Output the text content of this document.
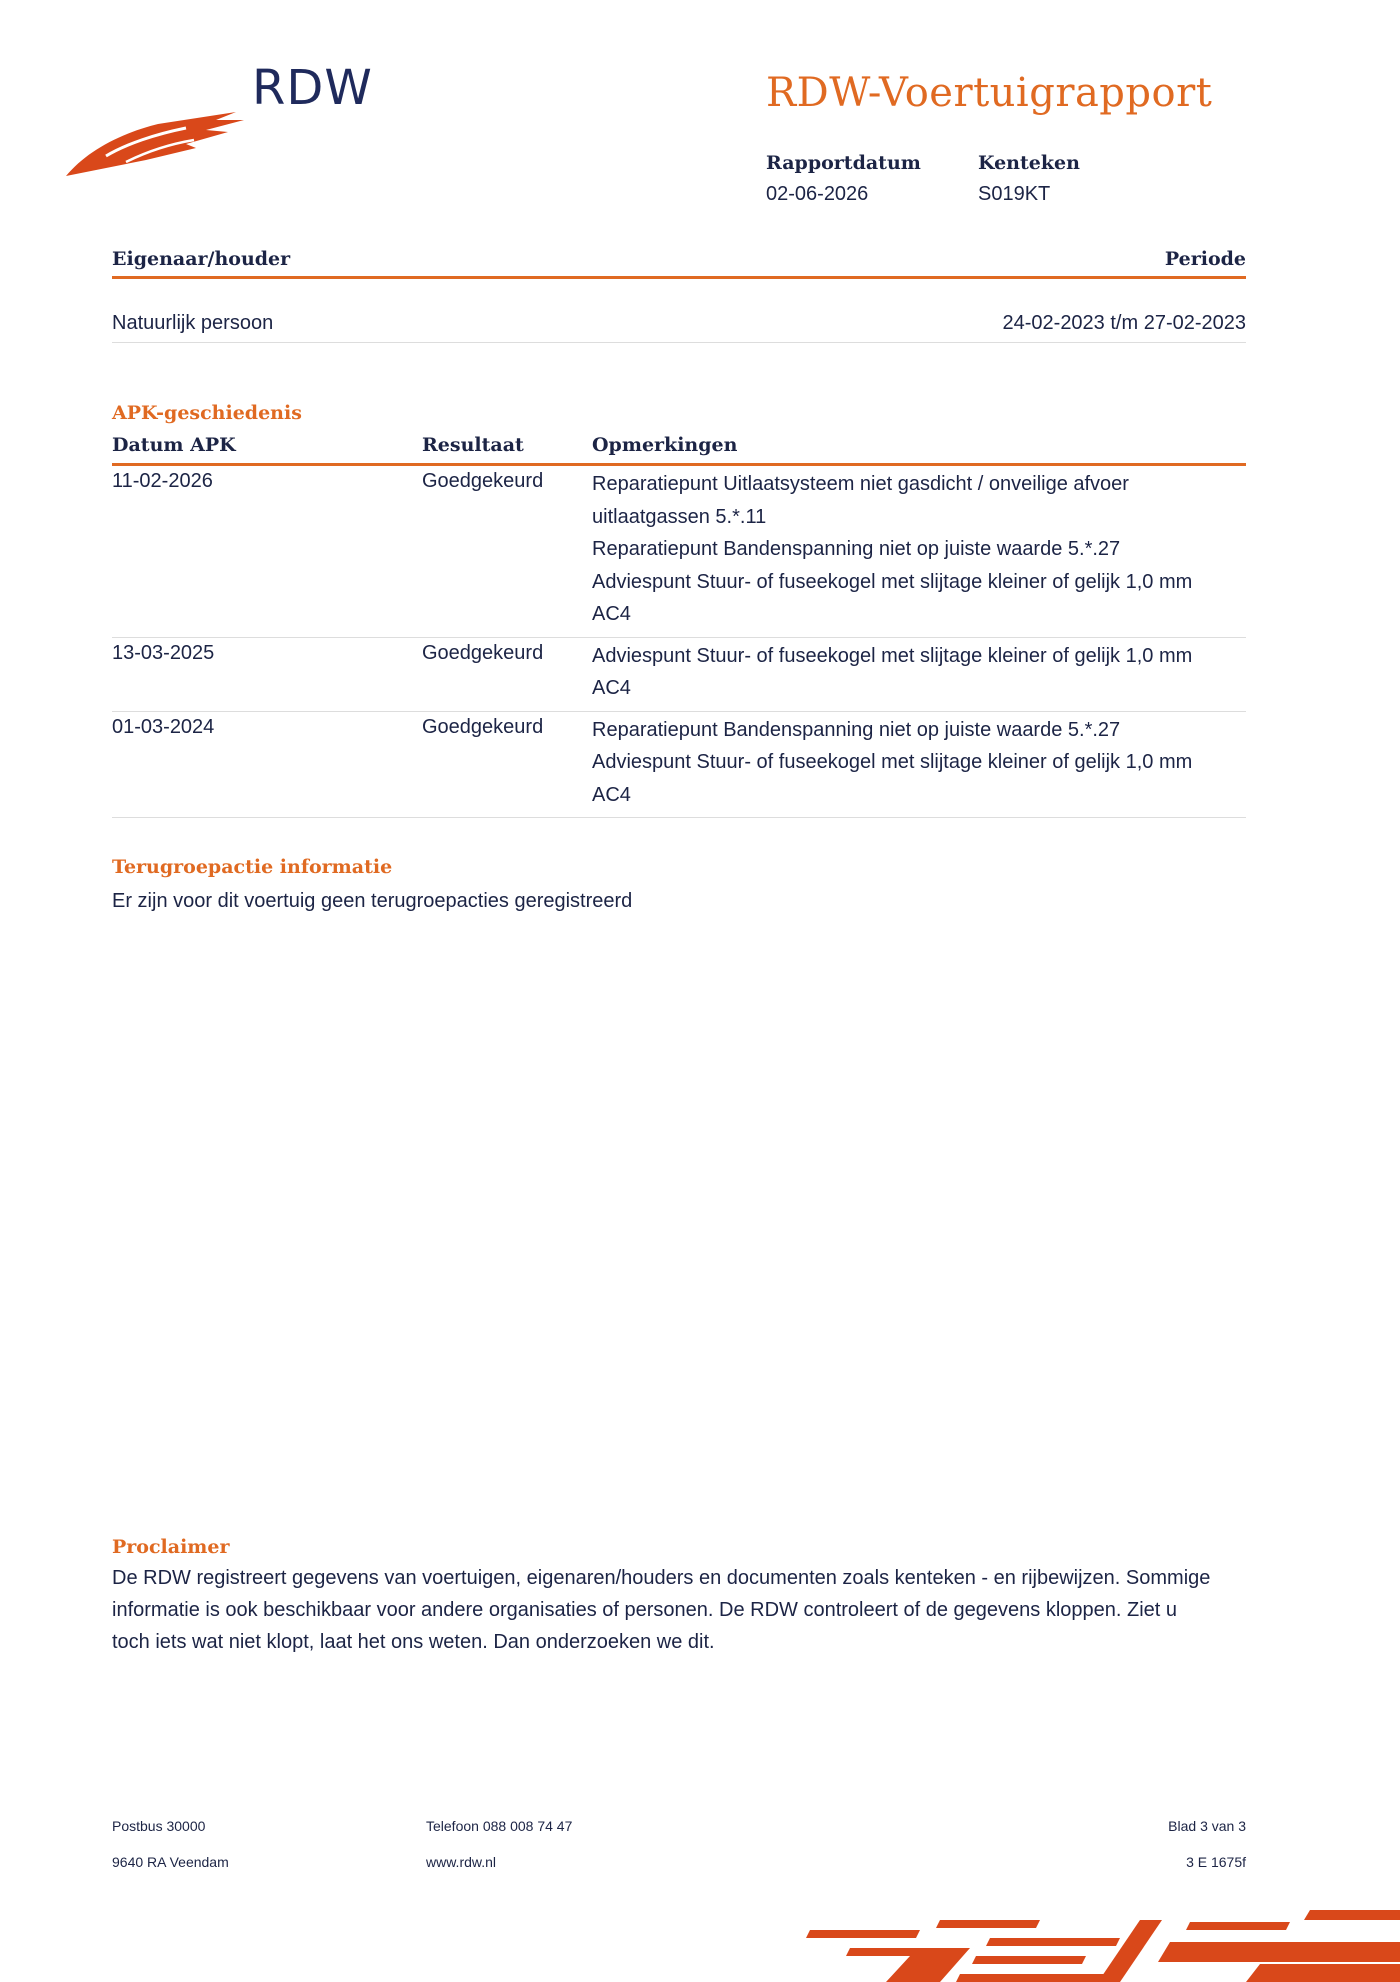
RDW	RDW-Voertuigrapport
Rapportdatum
02-06-2026
Kenteken
S019KT
Eigenaar/houder	Periode
Natuurlijk persoon	24-02-2023 t/m 27-02-2023
APK-geschiedenis
Datum APK	Resultaat	Opmerkingen
11-02-2026	Goedgekeurd Reparatiepunt Uitlaatsysteem niet gasdicht / onveilige afvoer uitlaatgassen 5.*.11
Reparatiepunt Bandenspanning niet op juiste waarde 5.*.27
Adviespunt Stuur- of fuseekogel met slijtage kleiner of gelijk 1,0 mm AC4
13-03-2025	Goedgekeurd Adviespunt Stuur- of fuseekogel met slijtage kleiner of gelijk 1,0 mm AC4
01-03-2024	Goedgekeurd Reparatiepunt Bandenspanning niet op juiste waarde 5.*.27
Adviespunt Stuur- of fuseekogel met slijtage kleiner of gelijk 1,0 mm AC4
Terugroepactie informatie
Er zijn voor dit voertuig geen terugroepacties geregistreerd
Proclaimer
De RDW registreert gegevens van voertuigen, eigenaren/houders en documenten zoals kenteken - en rijbewijzen. Sommige informatie is ook beschikbaar voor andere organisaties of personen. De RDW controleert of de gegevens kloppen. Ziet u toch iets wat niet klopt, laat het ons weten. Dan onderzoeken we dit.
Postbus 30000
9640 RA Veendam
Telefoon 088 008 74 47
www.rdw.nl
Blad 3 van 3
3 E 1675f
